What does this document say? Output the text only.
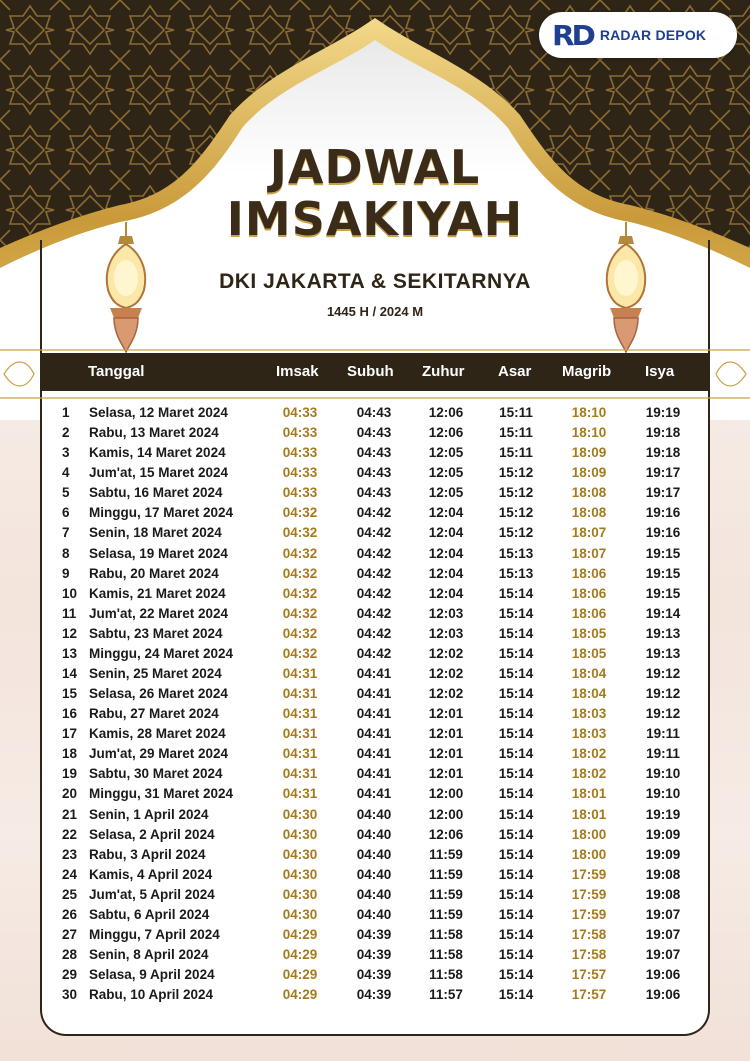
RD RADAR DEPOK
JADWAL
IMSAKIYAH
DKI JAKARTA & SEKITARNYA
1445 H / 2024 M
Tanggal	Imsak Subuh Zuhur Asar Magrib Isya
1	Selasa, 12 Maret 2024	04:33	04:43	12:06	15:11	18:10	19:19
2	Rabu, 13 Maret 2024	04:33	04:43	12:06	15:11	18:10	19:18
3	Kamis, 14 Maret 2024	04:33	04:43	12:05	15:11	18:09	19:18
4	Jum'at, 15 Maret 2024	04:33	04:43	12:05	15:12	18:09	19:17
5	Sabtu, 16 Maret 2024	04:33	04:43	12:05	15:12	18:08	19:17
6	Minggu, 17 Maret 2024	04:32	04:42	12:04	15:12	18:08	19:16
7	Senin, 18 Maret 2024	04:32	04:42	12:04	15:12	18:07	19:16
8	Selasa, 19 Maret 2024	04:32	04:42	12:04	15:13	18:07	19:15
9	Rabu, 20 Maret 2024	04:32	04:42	12:04	15:13	18:06	19:15
10 Kamis, 21 Maret 2024	04:32	04:42	12:04	15:14	18:06	19:15
11 Jum'at, 22 Maret 2024	04:32	04:42	12:03	15:14	18:06	19:14
12 Sabtu, 23 Maret 2024	04:32	04:42	12:03	15:14	18:05	19:13
13 Minggu, 24 Maret 2024	04:32	04:42	12:02	15:14	18:05	19:13
14 Senin, 25 Maret 2024	04:31	04:41	12:02	15:14	18:04	19:12
15 Selasa, 26 Maret 2024	04:31	04:41	12:02	15:14	18:04	19:12
16 Rabu, 27 Maret 2024	04:31	04:41	12:01	15:14	18:03	19:12
17 Kamis, 28 Maret 2024	04:31	04:41	12:01	15:14	18:03	19:11
18 Jum'at, 29 Maret 2024	04:31	04:41	12:01	15:14	18:02	19:11
19 Sabtu, 30 Maret 2024	04:31	04:41	12:01	15:14	18:02	19:10
20 Minggu, 31 Maret 2024	04:31	04:41	12:00	15:14	18:01	19:10
21 Senin, 1 April 2024	04:30	04:40	12:00	15:14	18:01	19:19
22 Selasa, 2 April 2024	04:30	04:40	12:06	15:14	18:00	19:09
23 Rabu, 3 April 2024	04:30	04:40	11:59	15:14	18:00	19:09
24 Kamis, 4 April 2024	04:30	04:40	11:59	15:14	17:59	19:08
25 Jum'at, 5 April 2024	04:30	04:40	11:59	15:14	17:59	19:08
26 Sabtu, 6 April 2024	04:30	04:40	11:59	15:14	17:59	19:07
27 Minggu, 7 April 2024	04:29	04:39	11:58	15:14	17:58	19:07
28 Senin, 8 April 2024	04:29	04:39	11:58	15:14	17:58	19:07
29 Selasa, 9 April 2024	04:29	04:39	11:58	15:14	17:57	19:06
30 Rabu, 10 April 2024	04:29	04:39	11:57	15:14	17:57	19:06
